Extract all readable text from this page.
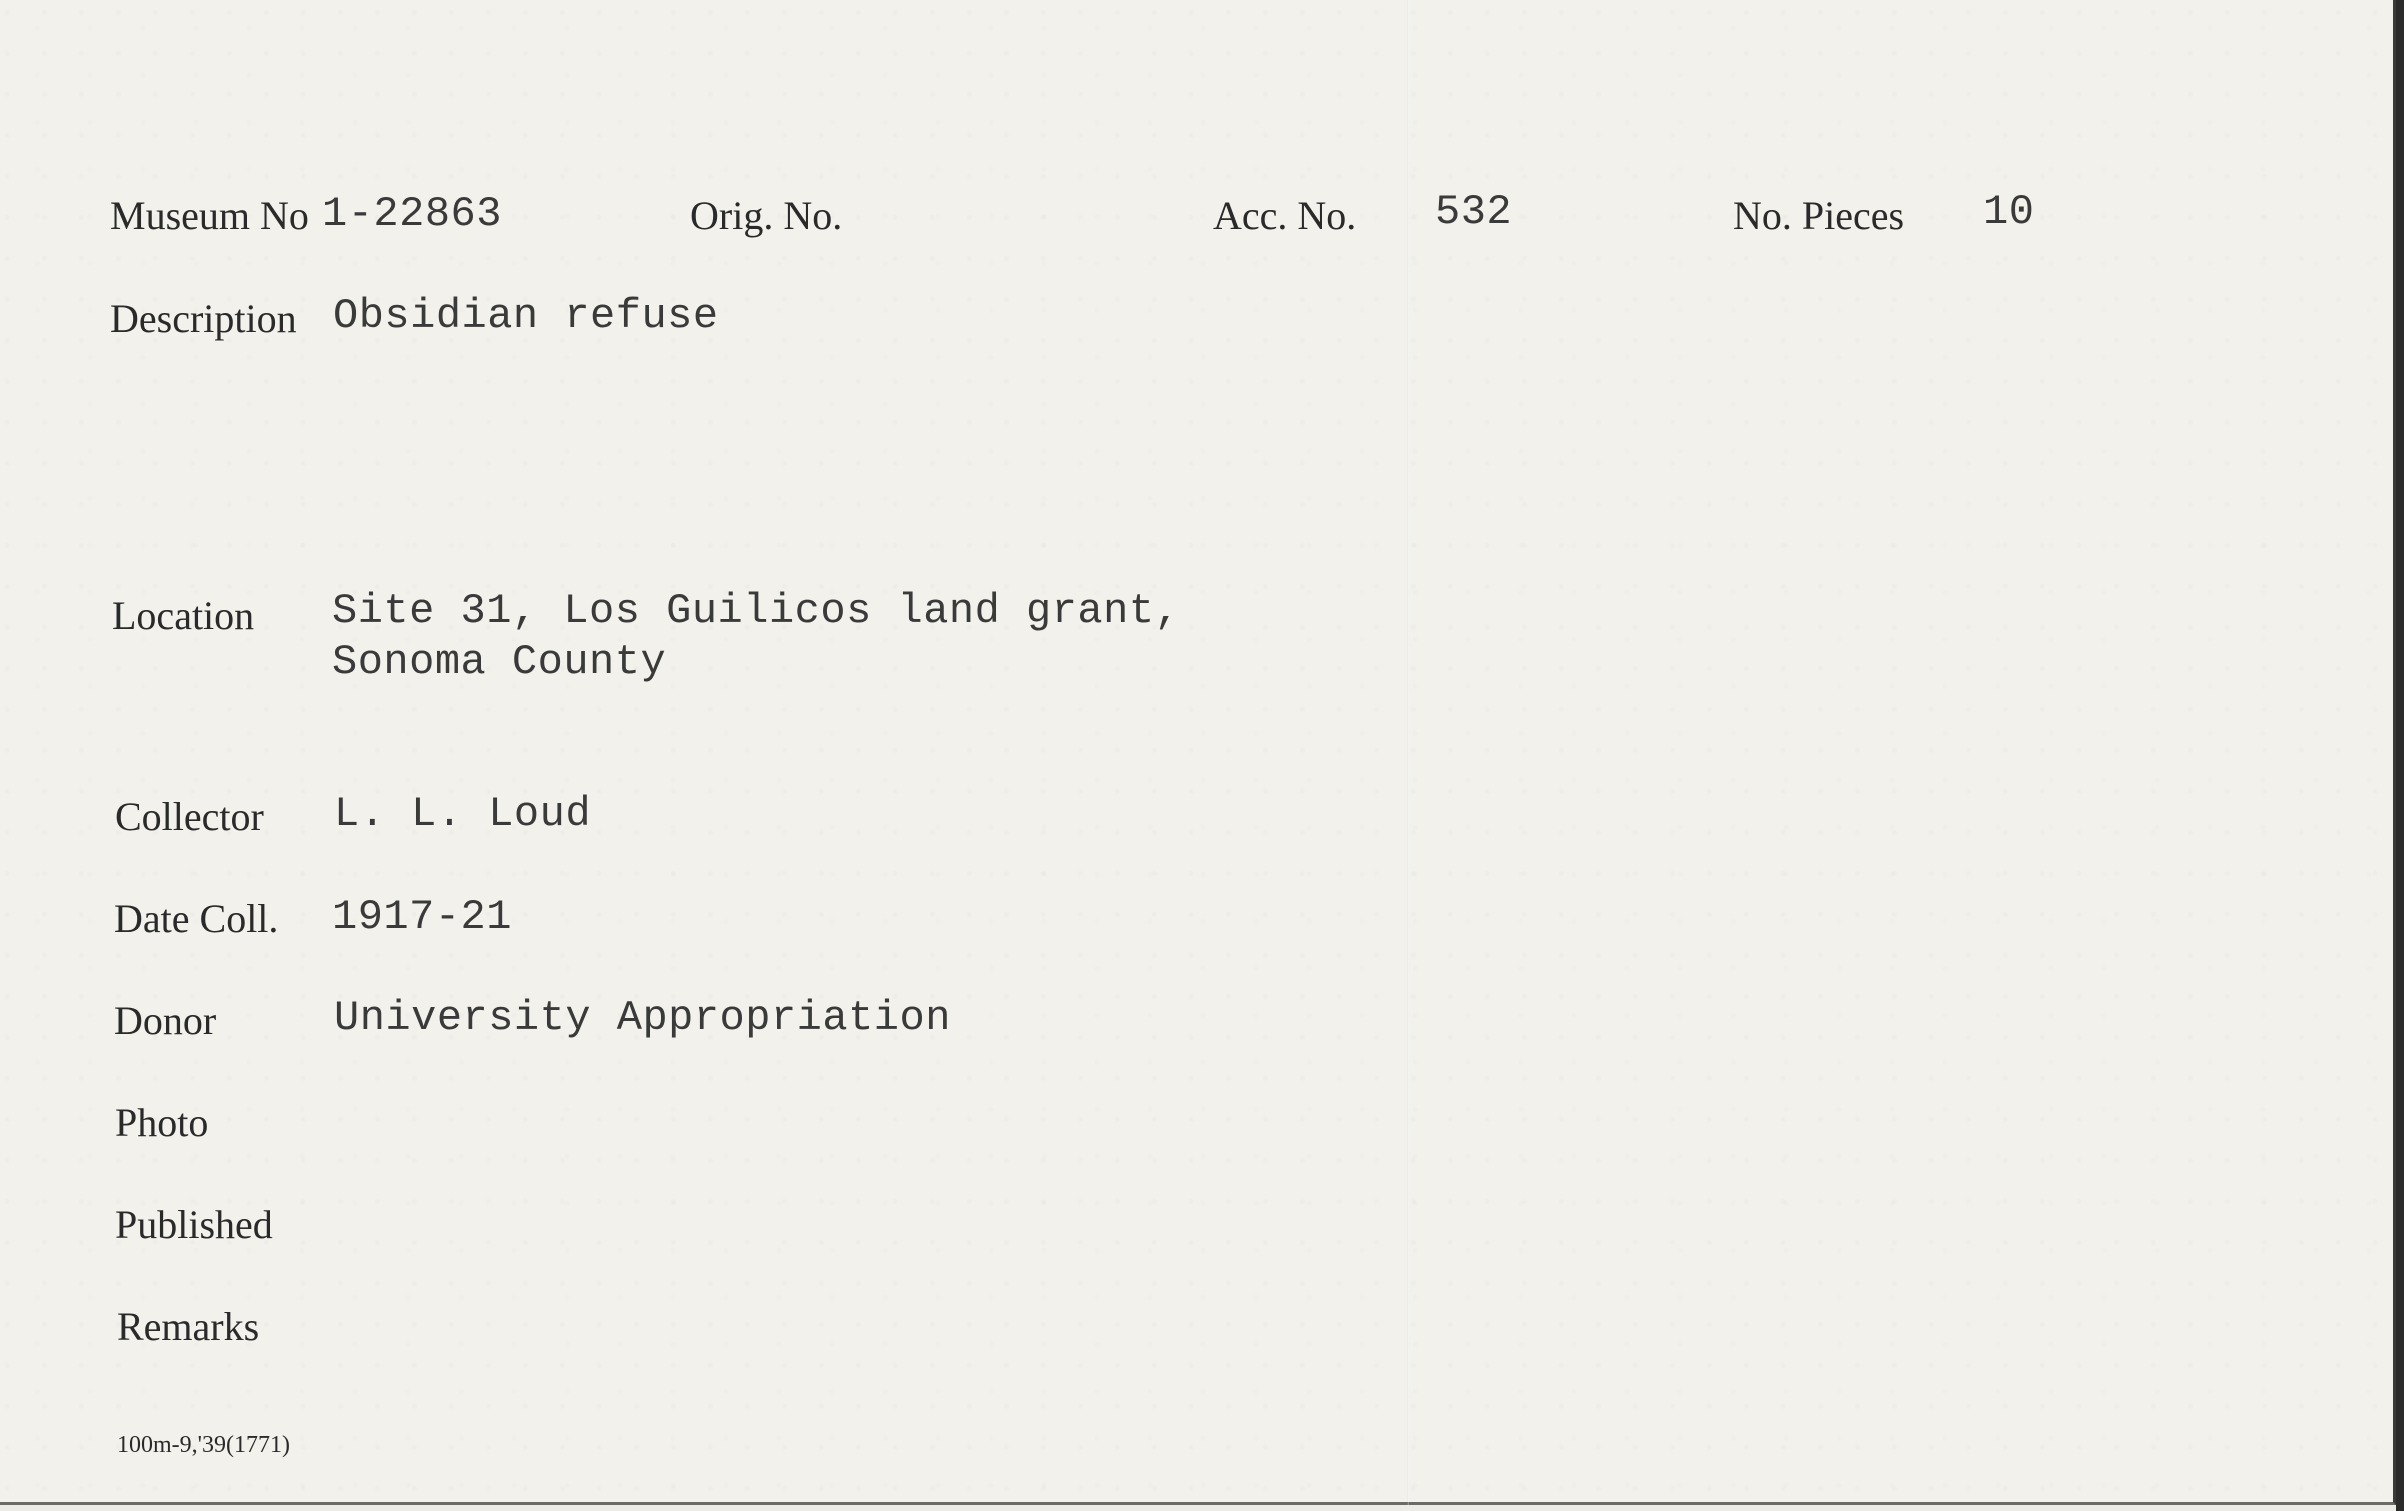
Museum No 1-22863	Orig. No.	Acc. No. 532	No. Pieces 10
Description Obsidian refuse
Location Site 31, Los Guilicos land grant,
Sonoma County
Collector L. L. Loud
Date Coll. 1917-21
Donor	University Appropriation
Photo
Published
Remarks
100m-9,'39(1771)
